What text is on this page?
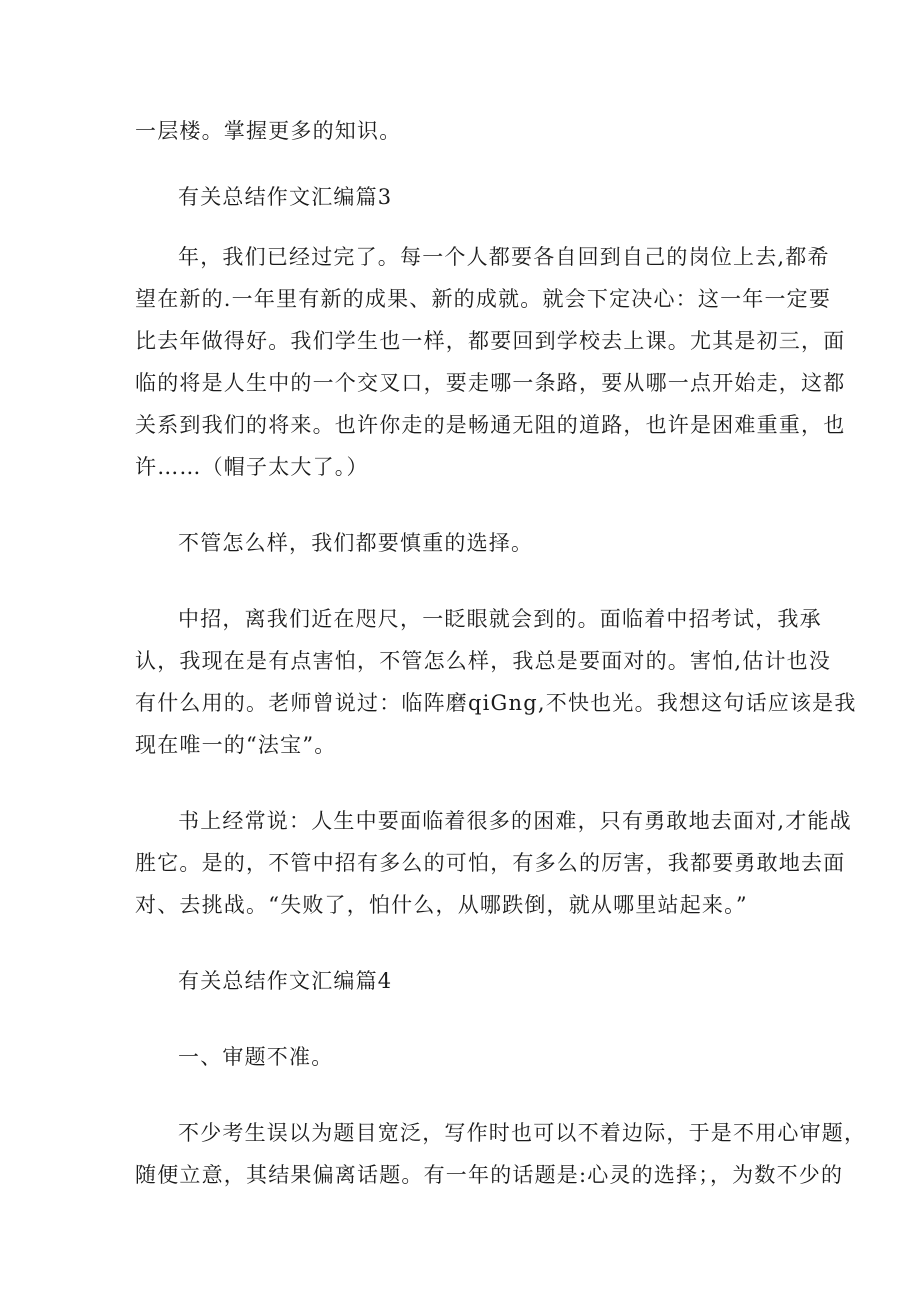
一层楼。掌握更多的知识。
有关总结作文汇编篇3
年，我们已经过完了。每一个人都要各自回到自己的岗位上去,都希
望在新的.一年里有新的成果、新的成就。就会下定决心：这一年一定要
比去年做得好。我们学生也一样，都要回到学校去上课。尤其是初三，面
临的将是人生中的一个交叉口，要走哪一条路，要从哪一点开始走，这都
关系到我们的将来。也许你走的是畅通无阻的道路，也许是困难重重，也
许……（帽子太大了。）
不管怎么样，我们都要慎重的选择。
中招，离我们近在咫尺，一眨眼就会到的。面临着中招考试，我承
认，我现在是有点害怕，不管怎么样，我总是要面对的。害怕,估计也没
有什么用的。老师曾说过：临阵磨qiGng,不快也光。我想这句话应该是我
现在唯一的“法宝”。
书上经常说：人生中要面临着很多的困难，只有勇敢地去面对,才能战
胜它。是的，不管中招有多么的可怕，有多么的厉害，我都要勇敢地去面
对、去挑战。“失败了，怕什么，从哪跌倒，就从哪里站起来。”
有关总结作文汇编篇4
一、审题不准。
不少考生误以为题目宽泛，写作时也可以不着边际，于是不用心审题，
随便立意，其结果偏离话题。有一年的话题是:心灵的选择；，为数不少的
